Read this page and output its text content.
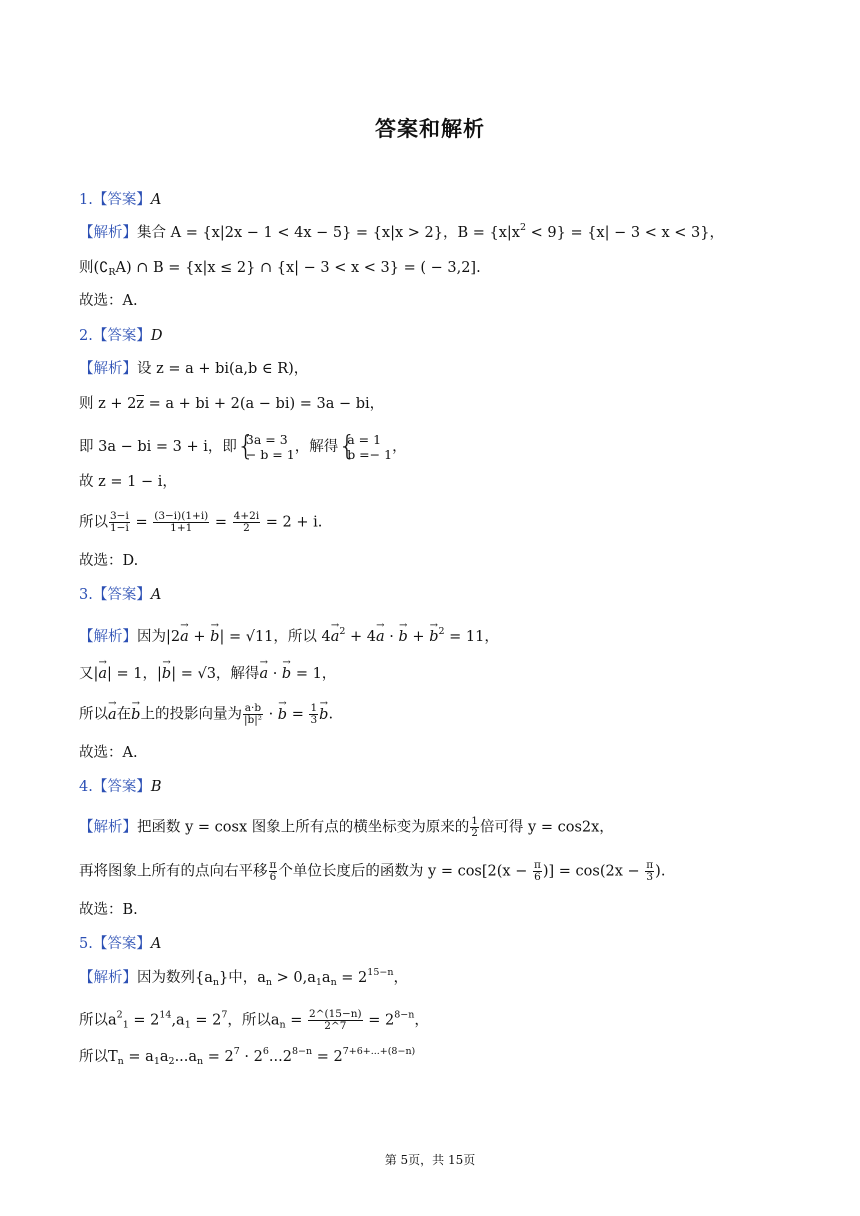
答案和解析
1.【答案】A
【解析】集合 A = {x|2x − 1 < 4x − 5} = {x|x > 2}，$B = \{x|x^2 < 9\} = \{x| - 3 < x < 3\}$，
则$(∁_RA)$ ∩ B = {x|x ≤ 2} ∩ {x| − 3 < x < 3} = ( − 3,2].
故选：A.
2.【答案】D
【解析】设 z = a + bi(a,b ∈ R)，
则 $z + 2\overline{z} = a$ + bi + 2(a − bi) = 3a − bi，
即 3a − bi = 3 + i，即 {
3a = 3
− b = 1 ，解得 {
a = 1
b =− 1 ，
故 z = 1 − i，
所以 $\frac{3-i}{1-i} = \frac{(3-i)(1+i)}{1+1} = \frac{4+2i}{2} = 2 + i$.
故选：D.
3.【答案】A
【解析】因为|2→ a + → b| = √11，所以 $4\to a^2 + 4\to a$ · → b + → $b^2 = 11$，
又|→ a| = 1，|→ b| = √3，解得→ a · → b = 1，
所以→ a在→ b上的投影向量为 $\frac{a\cdot b}{\text{|b|²}}$ · → $b = \frac{1}{3} \to b$.
故选：A.
4.【答案】B
【解析】把函数 y = cosx 图象上所有点的横坐标变为原来的 $\frac{1}{2}$ 倍可得 y = cos2x，
再将图象上所有的点向右平移 $\frac{\pi}{6}$ 个单位长度后的函数为 $y = \cos[2(x - \frac{\pi}{6}$ )] = $\cos(2x - \frac{\pi}{3}$ ).
故选：B.
5.【答案】A
【解析】因为数列$\{a_n\}$中，$a_n > 0,a_1a_n = 2^{15-n}$，
所以$a^2_1 = 2^{14},a_1 = 2^7$，所以$a_n = \frac{2\^{}(15-n)}{2\^{}7} = 2^{8-n}$，
所以$T_n = a_1a_2...a_n = 2^7 \cdot 2^6...2^{8-n} = 2^{7+6+...+(8-n)}$
第 5页，共 15页
